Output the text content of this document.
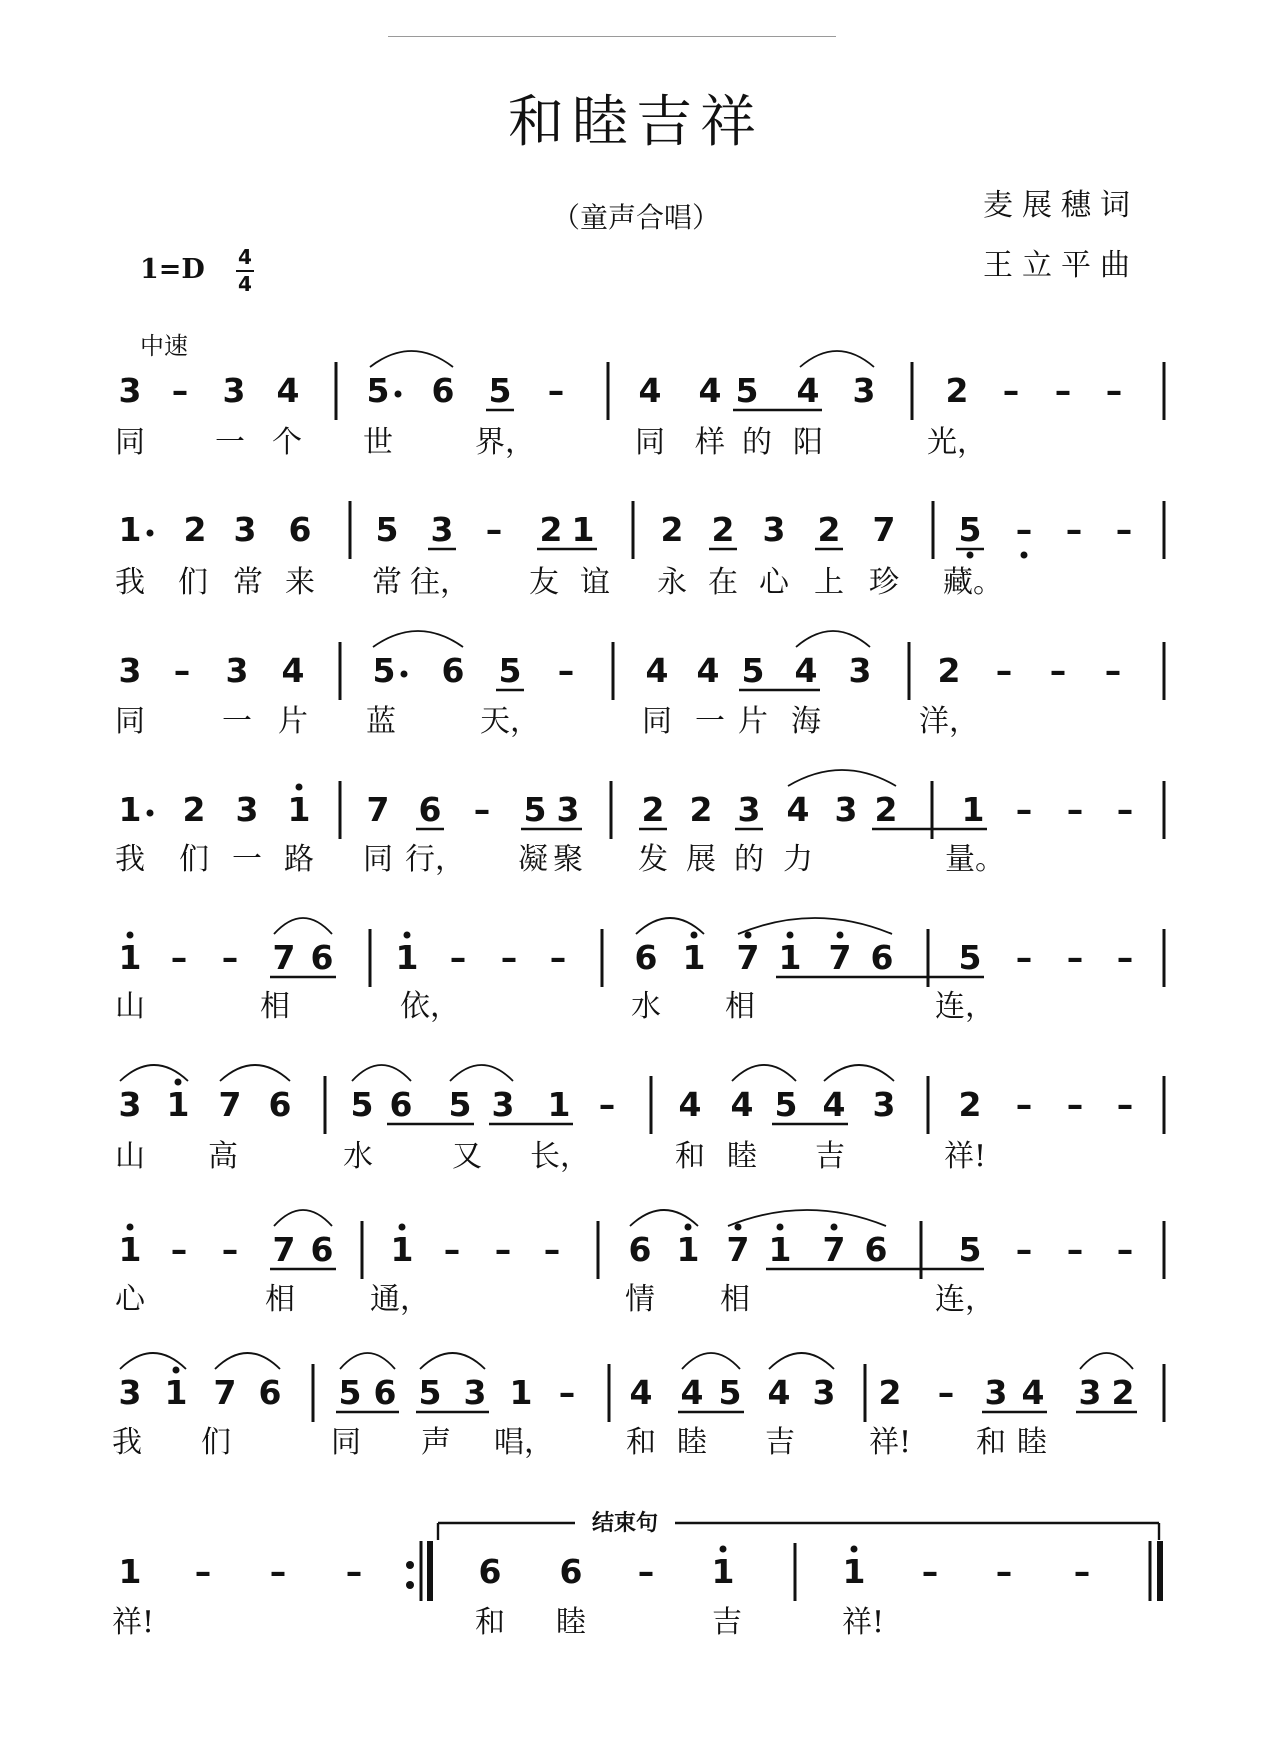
和睦吉祥
（童声合唱）	麦展穗词
王立平曲
1=D	4
4
中速
3 – 3 4 5 6 5 – 4 4 5 4 3 2 – – –
同 一 个 世	界，	同 样 的 阳	光，
1 2 3 6 5 3 – 2 1 2 2 3 2 7 5 – – –
我 们 常 来 常 往， 友 谊 永 在 心 上 珍 藏。
3 – 3 4 5 6 5 – 4 4 5 4 3 2 – – –
同	一 片 蓝	天，	同 一 片 海	洋，
1 2 3 1 7 6 – 5 3 2 2 3 4 3 2 1 – – –
我 们 一 路 同 行， 凝 聚 发 展 的 力	量。
1 – – 7 6 1 – – – 6 1 7 1 7 6 5 – – –
山	相	依，	水 相	连，
3 1 7 6 5 6 5 3 1 – 4 4 5 4 3 2 – – –
山 高	水	又 长，	和 睦 吉	祥!
1 – – 7 6 1 – – – 6 1 7 1 7 6 5 – – –
心	相	通，	情 相	连，
3 1 7 6 5 6 5 3 1 – 4 4 5 4 3 2 – 3 4 3 2
我 们	同 声 唱， 和 睦 吉 祥! 和 睦
1 – – –	6 6 – 1	1 – – –
祥!	和 睦	吉	祥!
结束句
